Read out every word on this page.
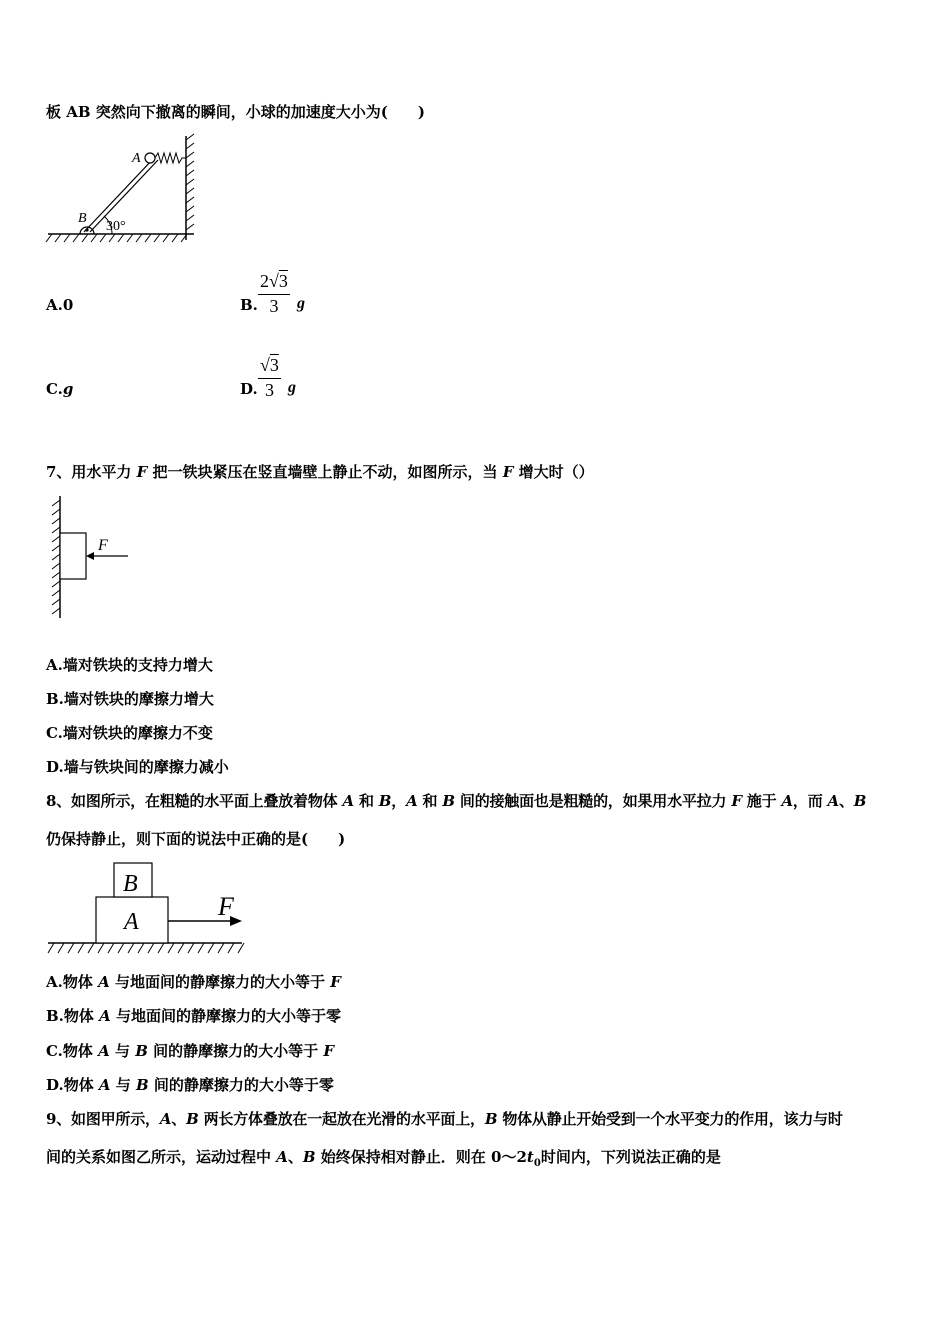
板 AB 突然向下撤离的瞬间，小球的加速度大小为(　　)
A
B
30°
A.0	B. $\frac{2√3}{3}$ g
C.g	D. $\frac{√3}{3}$ g
7、用水平力 F 把一铁块紧压在竖直墙壁上静止不动，如图所示，当 F 增大时（）
F
A.墙对铁块的支持力增大
B.墙对铁块的摩擦力增大
C.墙对铁块的摩擦力不变
D.墙与铁块间的摩擦力减小
8、如图所示，在粗糙的水平面上叠放着物体 A 和 B，A 和 B 间的接触面也是粗糙的，如果用水平拉力 F 施于 A，而 A、B
仍保持静止，则下面的说法中正确的是(　　)
A
B
F
A.物体 A 与地面间的静摩擦力的大小等于 F
B.物体 A 与地面间的静摩擦力的大小等于零
C.物体 A 与 B 间的静摩擦力的大小等于 F
D.物体 A 与 B 间的静摩擦力的大小等于零
9、如图甲所示，A、B 两长方体叠放在一起放在光滑的水平面上，B 物体从静止开始受到一个水平变力的作用，该力与时
间的关系如图乙所示，运动过程中 A、B 始终保持相对静止．则在 $0\sim 2t_0$时间内，下列说法正确的是
